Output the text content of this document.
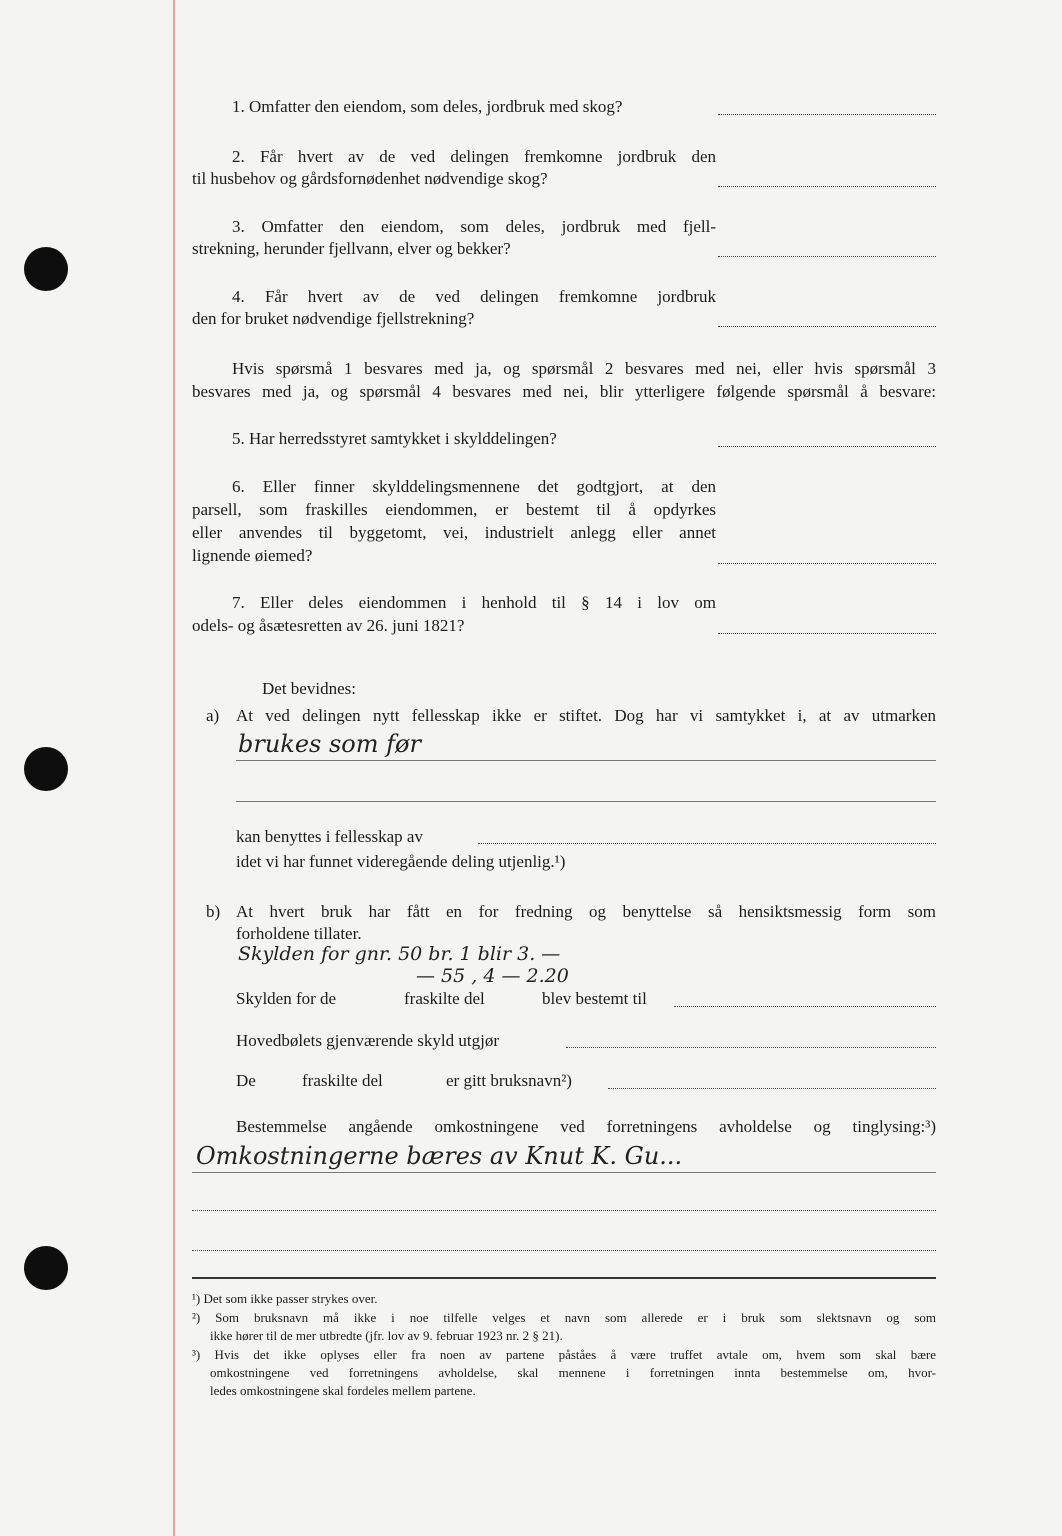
1. Omfatter den eiendom, som deles, jordbruk med skog?
2. Får hvert av de ved delingen fremkomne jordbruk den
til husbehov og gårdsfornødenhet nødvendige skog?
3. Omfatter den eiendom, som deles, jordbruk med fjell-
strekning, herunder fjellvann, elver og bekker?
4. Får hvert av de ved delingen fremkomne jordbruk
den for bruket nødvendige fjellstrekning?
Hvis spørsmå 1 besvares med ja, og spørsmål 2 besvares med nei, eller hvis spørsmål 3
besvares med ja, og spørsmål 4 besvares med nei, blir ytterligere følgende spørsmål å besvare:
5. Har herredsstyret samtykket i skylddelingen?
6. Eller finner skylddelingsmennene det godtgjort, at den
parsell, som fraskilles eiendommen, er bestemt til å opdyrkes
eller anvendes til byggetomt, vei, industrielt anlegg eller annet
lignende øiemed?
7. Eller deles eiendommen i henhold til § 14 i lov om
odels- og åsætesretten av 26. juni 1821?
Det bevidnes:
a) At ved delingen nytt fellesskap ikke er stiftet. Dog har vi samtykket i, at av utmarken
brukes som før
kan benyttes i fellesskap av
idet vi har funnet videregående deling utjenlig.¹)
b) At hvert bruk har fått en for fredning og benyttelse så hensiktsmessig form som
forholdene tillater.
Skylden for gnr. 50 br. 1 blir 3. —
— 55 , 4 — 2.20
Skylden for de	fraskilte del	blev bestemt til
Hovedbølets gjenværende skyld utgjør
De	fraskilte del	er gitt bruksnavn²)
Bestemmelse angående omkostningene ved forretningens avholdelse og tinglysing:³)
Omkostningerne bæres av Knut K. Gu...
¹) Det som ikke passer strykes over.
²) Som bruksnavn må ikke i noe tilfelle velges et navn som allerede er i bruk som slektsnavn og som
ikke hører til de mer utbredte (jfr. lov av 9. februar 1923 nr. 2 § 21).
³) Hvis det ikke oplyses eller fra noen av partene påståes å være truffet avtale om, hvem som skal bære
omkostningene ved forretningens avholdelse, skal mennene i forretningen innta bestemmelse om, hvor-
ledes omkostningene skal fordeles mellem partene.
